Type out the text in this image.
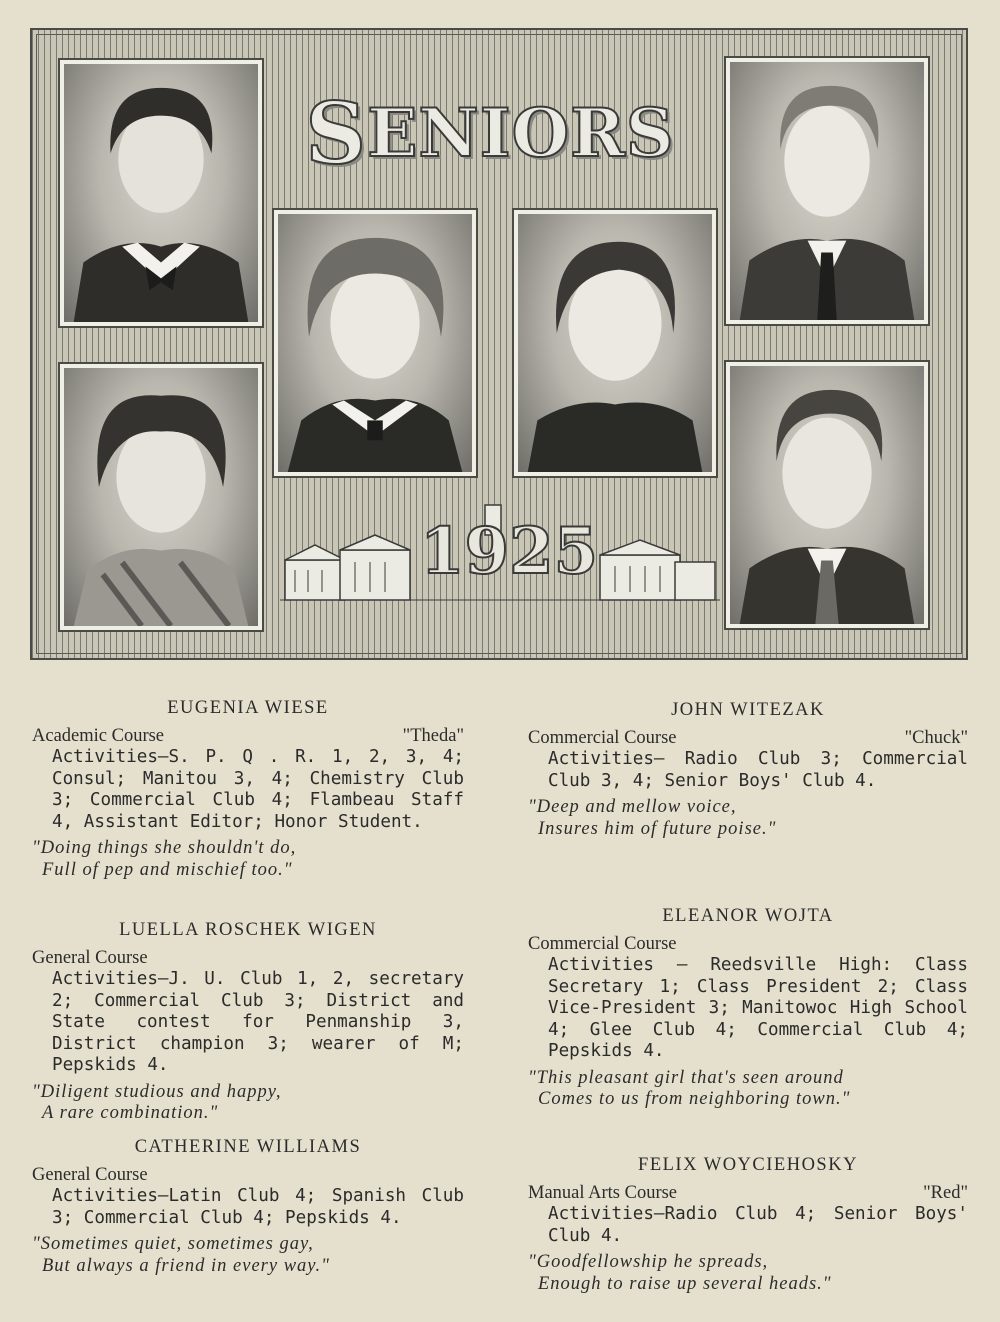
S ENIORS
1925
EUGENIA WIESE
Academic Course	"Theda"
Activities—S. P. Q . R. 1, 2, 3, 4; Consul; Manitou 3, 4; Chemistry Club 3; Commercial Club 4; Flambeau Staff 4, Assistant Editor; Honor Student.
"Doing things she shouldn't do,
Full of pep and mischief too."
LUELLA ROSCHEK WIGEN
General Course
Activities—J. U. Club 1, 2, secretary 2; Commercial Club 3; District and State contest for Penmanship 3, District champion 3; wearer of M; Pepskids 4.
"Diligent studious and happy,
A rare combination."
CATHERINE WILLIAMS
General Course
Activities—Latin Club 4; Spanish Club 3; Commercial Club 4; Pepskids 4.
"Sometimes quiet, sometimes gay,
But always a friend in every way."
JOHN WITEZAK
Commercial Course	"Chuck"
Activities— Radio Club 3; Commercial Club 3, 4; Senior Boys' Club 4.
"Deep and mellow voice,
Insures him of future poise."
ELEANOR WOJTA
Commercial Course
Activities — Reedsville High: Class Secretary 1; Class President 2; Class Vice-President 3; Manitowoc High School 4; Glee Club 4; Commercial Club 4; Pepskids 4.
"This pleasant girl that's seen around
Comes to us from neighboring town."
FELIX WOYCIEHOSKY
Manual Arts Course	"Red"
Activities—Radio Club 4; Senior Boys' Club 4.
"Goodfellowship he spreads,
Enough to raise up several heads."
